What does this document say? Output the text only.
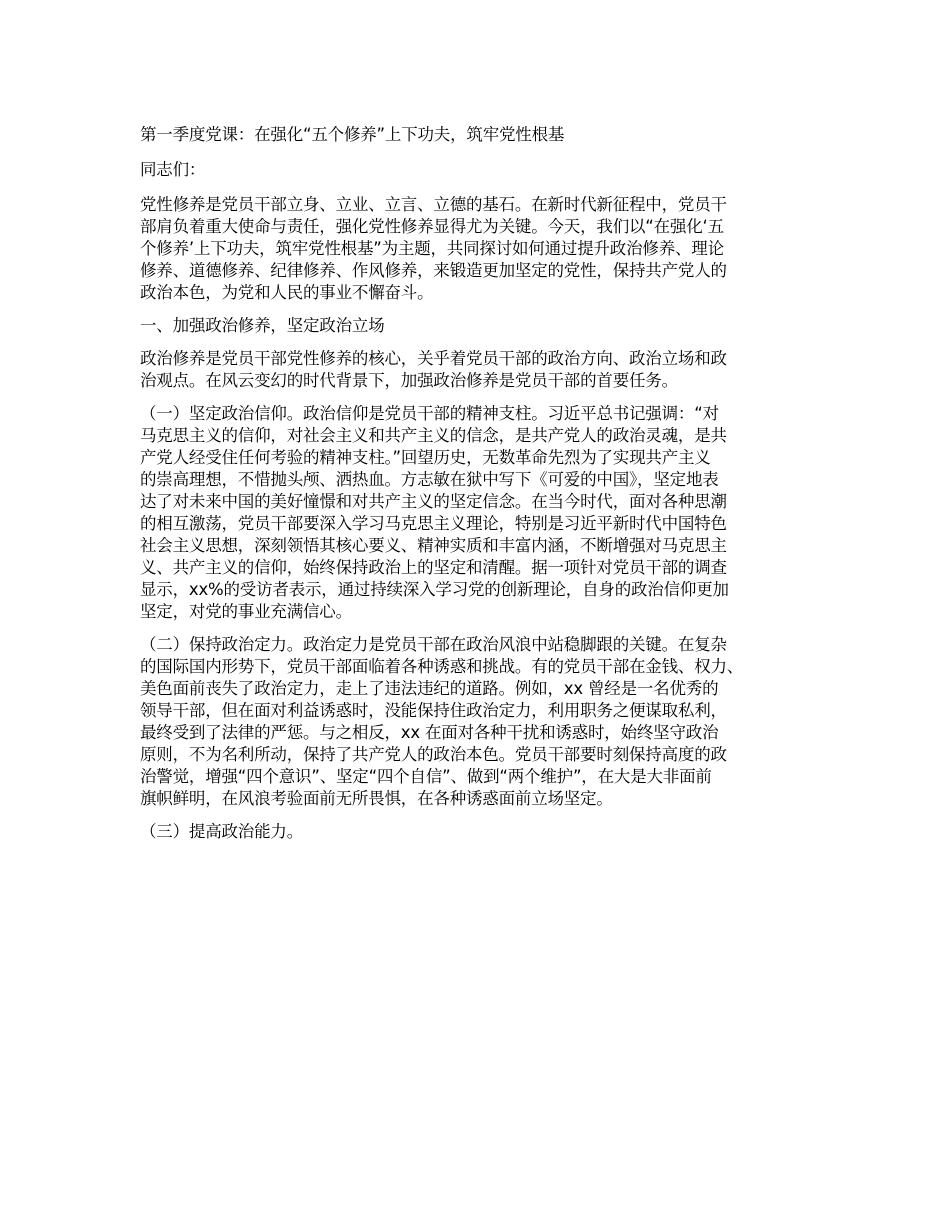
第一季度党课：在强化“五个修养”上下功夫，筑牢党性根基
同志们：
党性修养是党员干部立身、立业、立言、立德的基石。在新时代新征程中，党员干
部肩负着重大使命与责任，强化党性修养显得尤为关键。今天，我们以“在强化‘五
个修养’上下功夫，筑牢党性根基”为主题，共同探讨如何通过提升政治修养、理论
修养、道德修养、纪律修养、作风修养，来锻造更加坚定的党性，保持共产党人的
政治本色，为党和人民的事业不懈奋斗。
一、加强政治修养，坚定政治立场
政治修养是党员干部党性修养的核心，关乎着党员干部的政治方向、政治立场和政
治观点。在风云变幻的时代背景下，加强政治修养是党员干部的首要任务。
（一）坚定政治信仰。政治信仰是党员干部的精神支柱。习近平总书记强调：“对
马克思主义的信仰，对社会主义和共产主义的信念，是共产党人的政治灵魂，是共
产党人经受住任何考验的精神支柱。”回望历史，无数革命先烈为了实现共产主义
的崇高理想，不惜抛头颅、洒热血。方志敏在狱中写下《可爱的中国》，坚定地表
达了对未来中国的美好憧憬和对共产主义的坚定信念。在当今时代，面对各种思潮
的相互激荡，党员干部要深入学习马克思主义理论，特别是习近平新时代中国特色
社会主义思想，深刻领悟其核心要义、精神实质和丰富内涵，不断增强对马克思主
义、共产主义的信仰，始终保持政治上的坚定和清醒。据一项针对党员干部的调查
显示，xx%的受访者表示，通过持续深入学习党的创新理论，自身的政治信仰更加
坚定，对党的事业充满信心。
（二）保持政治定力。政治定力是党员干部在政治风浪中站稳脚跟的关键。在复杂
的国际国内形势下，党员干部面临着各种诱惑和挑战。有的党员干部在金钱、权力、
美色面前丧失了政治定力，走上了违法违纪的道路。例如，xx 曾经是一名优秀的
领导干部，但在面对利益诱惑时，没能保持住政治定力，利用职务之便谋取私利，
最终受到了法律的严惩。与之相反，xx 在面对各种干扰和诱惑时，始终坚守政治
原则，不为名利所动，保持了共产党人的政治本色。党员干部要时刻保持高度的政
治警觉，增强“四个意识”、坚定“四个自信”、做到“两个维护”，在大是大非面前
旗帜鲜明，在风浪考验面前无所畏惧，在各种诱惑面前立场坚定。
（三）提高政治能力。
